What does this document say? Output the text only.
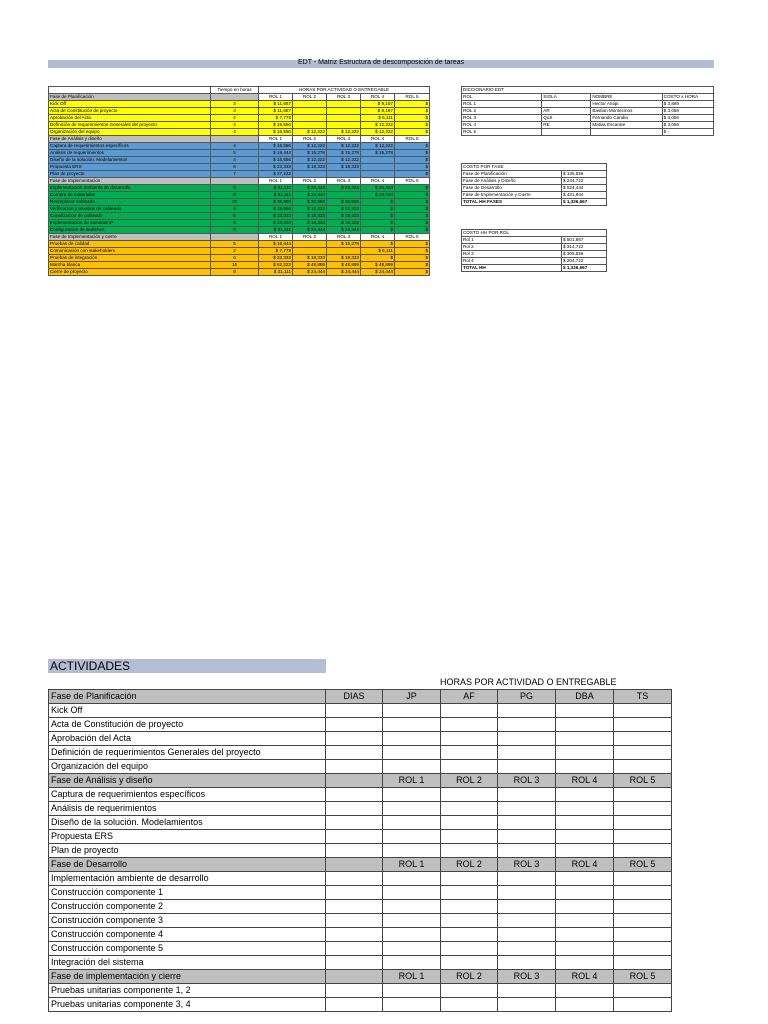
EDT - Matriz Estructura de descomposición de tareas
	Tiempo en horas	HORAS POR ACTIVIDAD O ENTREGABLE				
Fase de Planificación		ROL 1	ROL 2	ROL 3	ROL 4	ROL 5
Kick Off	3	$ 11,667			$ 9,167	$
Acta de Constitución de proyecto	3	$ 11,667			$ 9,167	$
Aprobación del Acta	2	$ 7,778			$ 6,111	$
Definición de requerimientos Generales del proyecto	4	$ 15,556			$ 12,222	$
Organización del equipo	4	$ 15,556	$ 12,222	$ 12,222	$ 12,222	$
Fase de Análisis y diseño		ROL 1	ROL 2	ROL 3	ROL 4	ROL 5
Captura de requerimientos específicos	4	$ 15,556	$ 12,222	$ 12,222	$ 12,222	$
Análisis de requerimientos	5	$ 19,444	$ 15,278	$ 15,278	$ 15,278	$
Diseño de la solución. Modelamientos	4	$ 15,556	$ 12,222	$ 12,222		$
Propuesta ERS	6	$ 23,333	$ 18,333	$ 18,333		$
Plan de proyecto	7	$ 27,222				$
Fase de Implementacion		ROL 1	ROL 2	ROL 3	ROL 4	ROL 5
Implementación ambiente de desarrollo	8	$ 31,111	$ 24,444	$ 24,444	$ 24,444	$
Compra de materiales	8	$ 31,111	$ 24,444		$ 24,444	$
Reemplazar cableado	10	$ 38,889	$ 30,556	$ 30,556	$	$
Verificacion y pruebas de cableado	4	$ 15,556	$ 12,222	$ 12,222	$	$
Canalizacion de cableado	6	$ 23,333	$ 18,333	$ 18,333	$	$
Implementacion de camaras IP	6	$ 23,333	$ 18,333	$ 18,333	$	$
Configuracion de Switches	8	$ 31,111	$ 24,444	$ 24,444	$	$
Fase de Implementación y cierre		ROL 1	ROL 2	ROL 3	ROL 4	ROL 5
Pruebas de calidad	5	$ 19,444		$ 15,278	$	$
Comunicación con stakeholders	2	$ 7,778			$ 6,111	$
Pruebas de integración	6	$ 23,333	$ 18,333	$ 18,333	$	$
Marcha blanca	16	$ 62,222	$ 48,889	$ 48,889	$ 48,889	$
Cierre de proyecto	8	$ 31,111	$ 24,444	$ 24,444	$ 24,444	$
DICCIONARIO EDT			
ROL	SIGLA	NOMBRE	COSTO x HORA
ROL 1		Hector Antipi	$ 3,889
ROL 2	AR	Bastian Montecinos	$ 3,056
ROL 3	QoS	Fernando Candia	$ 3,056
ROL 4	RE	Matias Escarate	$ 3,056
ROL 5			$ -
COSTO POR FASE	
Fase de Planificación	$ 135,556
Fase de Análisis y Diseño	$ 244,722
Fase de Desarrollo	$ 524,444
Fase de Implementación y Cierre	$ 421,944
TOTAL HH FASES	$ 1,326,667
COSTO HH POR ROL	
Rol 1	$ 501,667
Rol 2	$ 314,722
Rol 3	$ 305,556
Rol 4	$ 204,722
TOTAL HH	$ 1,326,667
ACTIVIDADES
HORAS POR ACTIVIDAD O ENTREGABLE
Fase de Planificación	DIAS	JP	AF	PG	DBA	TS
Kick Off						
Acta de Constitución de proyecto						
Aprobación del Acta						
Definición de requerimientos Generales del proyecto						
Organización del equipo						
Fase de Análisis y diseño		ROL 1	ROL 2	ROL 3	ROL 4	ROL 5
Captura de requerimientos específicos						
Análisis de requerimientos						
Diseño de la solución. Modelamientos						
Propuesta ERS						
Plan de proyecto						
Fase de Desarrollo		ROL 1	ROL 2	ROL 3	ROL 4	ROL 5
Implementación ambiente de desarrollo						
Construcción componente 1						
Construcción componente 2						
Construcción componente 3						
Construcción componente 4						
Construcción componente 5						
Integración del sistema						
Fase de implementación y cierre		ROL 1	ROL 2	ROL 3	ROL 4	ROL 5
Pruebas unitarias componente 1, 2						
Pruebas unitarias componente 3, 4						
